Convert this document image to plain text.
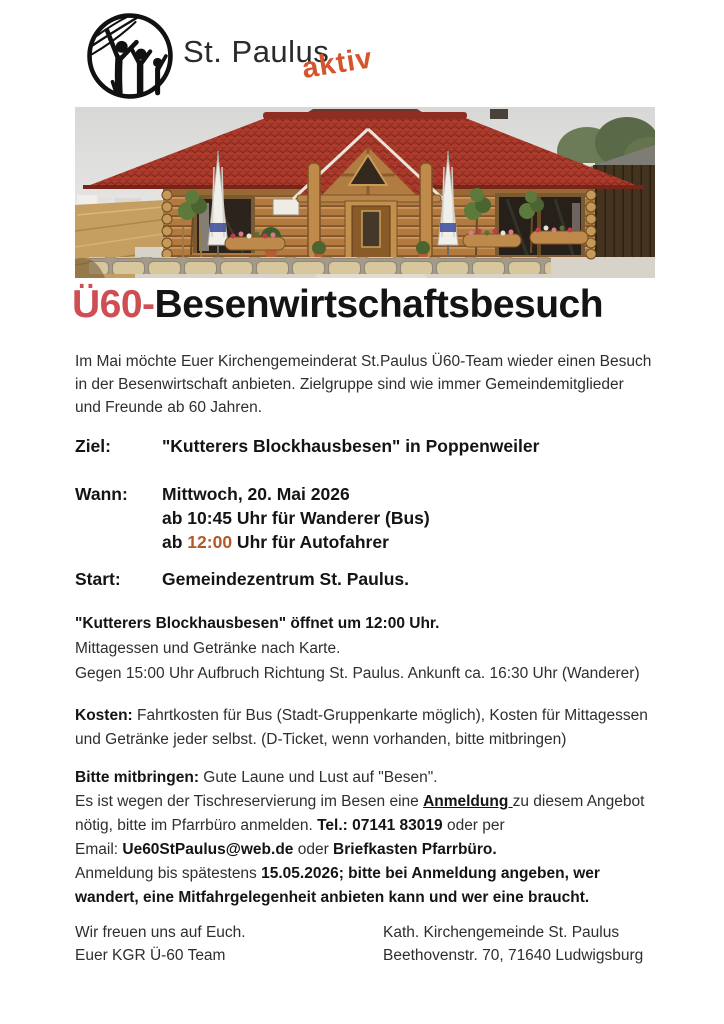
St. Paulus
aktiv
Ü60-Besenwirtschaftsbesuch

Im Mai möchte Euer Kirchengemeinderat St.Paulus Ü60-Team wieder einen Besuch
in der Besenwirtschaft anbieten. Zielgruppe sind wie immer Gemeindemitglieder
und Freunde ab 60 Jahren.

Ziel:	"Kutterers Blockhausbesen" in Poppenweiler
Wann:	Mittwoch, 20. Mai 2026
ab 10:45 Uhr für Wanderer (Bus)
ab 12:00 Uhr für Autofahrer
Start:	Gemeindezentrum St. Paulus.

"Kutterers Blockhausbesen" öffnet um 12:00 Uhr.
Mittagessen und Getränke nach Karte.
Gegen 15:00 Uhr Aufbruch Richtung St. Paulus. Ankunft ca. 16:30 Uhr (Wanderer)

Kosten: Fahrtkosten für Bus (Stadt-Gruppenkarte möglich), Kosten für Mittagessen
und Getränke jeder selbst. (D-Ticket, wenn vorhanden, bitte mitbringen)

Bitte mitbringen: Gute Laune und Lust auf "Besen".
Es ist wegen der Tischreservierung im Besen eine Anmeldung zu diesem Angebot
nötig, bitte im Pfarrbüro anmelden. Tel.: 07141 83019 oder per
Email: Ue60StPaulus@web.de oder Briefkasten Pfarrbüro.
Anmeldung bis spätestens 15.05.2026; bitte bei Anmeldung angeben, wer
wandert, eine Mitfahrgelegenheit anbieten kann und wer eine braucht.

Wir freuen uns auf Euch.
Euer KGR Ü-60 Team
Kath. Kirchengemeinde St. Paulus
Beethovenstr. 70, 71640 Ludwigsburg
